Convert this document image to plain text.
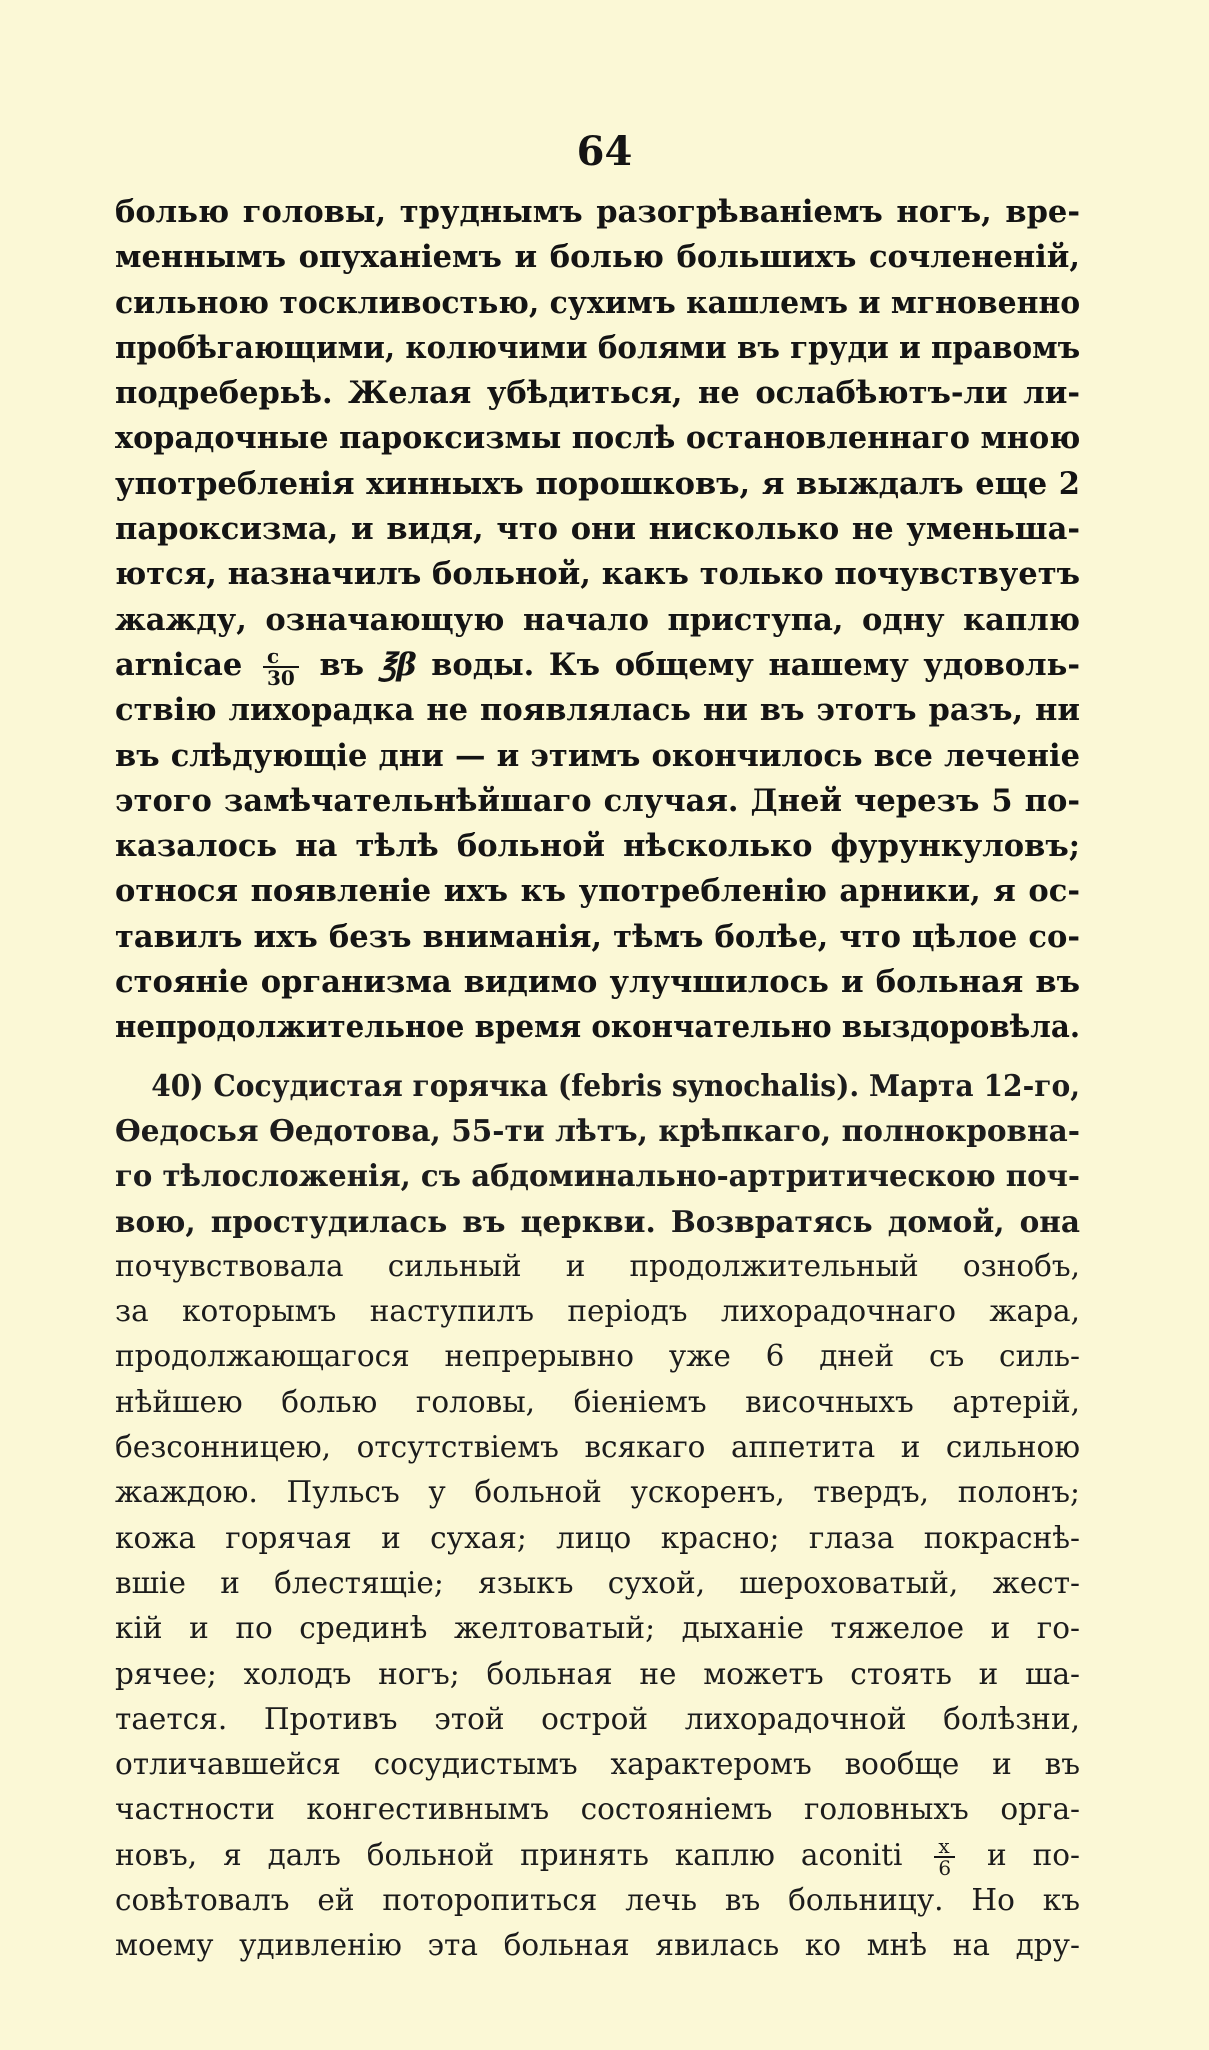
64
болью головы, труднымъ разогрѣваніемъ ногъ, вре-
меннымъ опуханіемъ и болью большихъ сочленeній,
сильною тоскливостью, сухимъ кашлемъ и мгновенно
пробѣгающими, колючими болями въ груди и правомъ
подреберьѣ. Желая убѣдиться, не ослабѣютъ-ли ли-
хорадочные пароксизмы послѣ остановленнаго мною
употребленія хинныхъ порошковъ, я выждалъ еще 2
пароксизма, и видя, что они нисколько не уменьша-
ются, назначилъ больной, какъ только почувствуетъ
жажду, означающую начало приступа, одну каплю
arnicae $\frac{c}{30}$ въ ℥β воды. Къ общему нашему удоволь-
ствію лихорадка не появлялась ни въ этотъ разъ, ни
въ слѣдующіе дни — и этимъ окончилось все леченіе
этого замѣчательнѣйшаго случая. Дней черезъ 5 по-
казалось на тѣлѣ больной нѣсколько фурункуловъ;
относя появленіе ихъ къ употребленію арники, я ос-
тавилъ ихъ безъ вниманія, тѣмъ болѣе, что цѣлое со-
стояніе организма видимо улучшилось и больная въ
непродолжительное время окончательно выздоровѣла.
40) Сосудистая горячка (febris synochalis). Марта 12-го,
Ѳедосья Ѳедотова, 55-ти лѣтъ, крѣпкаго, полнокровна-
го тѣлосложенія, съ абдоминально-артритическою поч-
вою, простудилась въ церкви. Возвратясь домой, она
почувствовала сильный и продолжительный ознобъ,
за которымъ наступилъ періодъ лихорадочнаго жара,
продолжающагося непрерывно уже 6 дней съ силь-
нѣйшею болью головы, біеніемъ височныхъ артерій,
безсонницею, отсутствіемъ всякаго аппетита и сильною
жаждою. Пульсъ у больной ускоренъ, твердъ, полонъ;
кожа горячая и сухая; лицо красно; глаза покраснѣ-
вшіе и блестящіе; языкъ сухой, шероховатый, жест-
кій и по срединѣ желтоватый; дыханіе тяжелое и го-
рячее; холодъ ногъ; больная не можетъ стоять и ша-
тается. Противъ этой острой лихорадочной болѣзни,
отличавшейся сосудистымъ характеромъ вообще и въ
частности конгестивнымъ состояніемъ головныхъ орга-
новъ, я далъ больной принять каплю aconiti $\frac{x}{6}$ и по-
совѣтовалъ ей поторопиться лечь въ больницу. Но къ
моему удивленію эта больная явилась ко мнѣ на дру-
